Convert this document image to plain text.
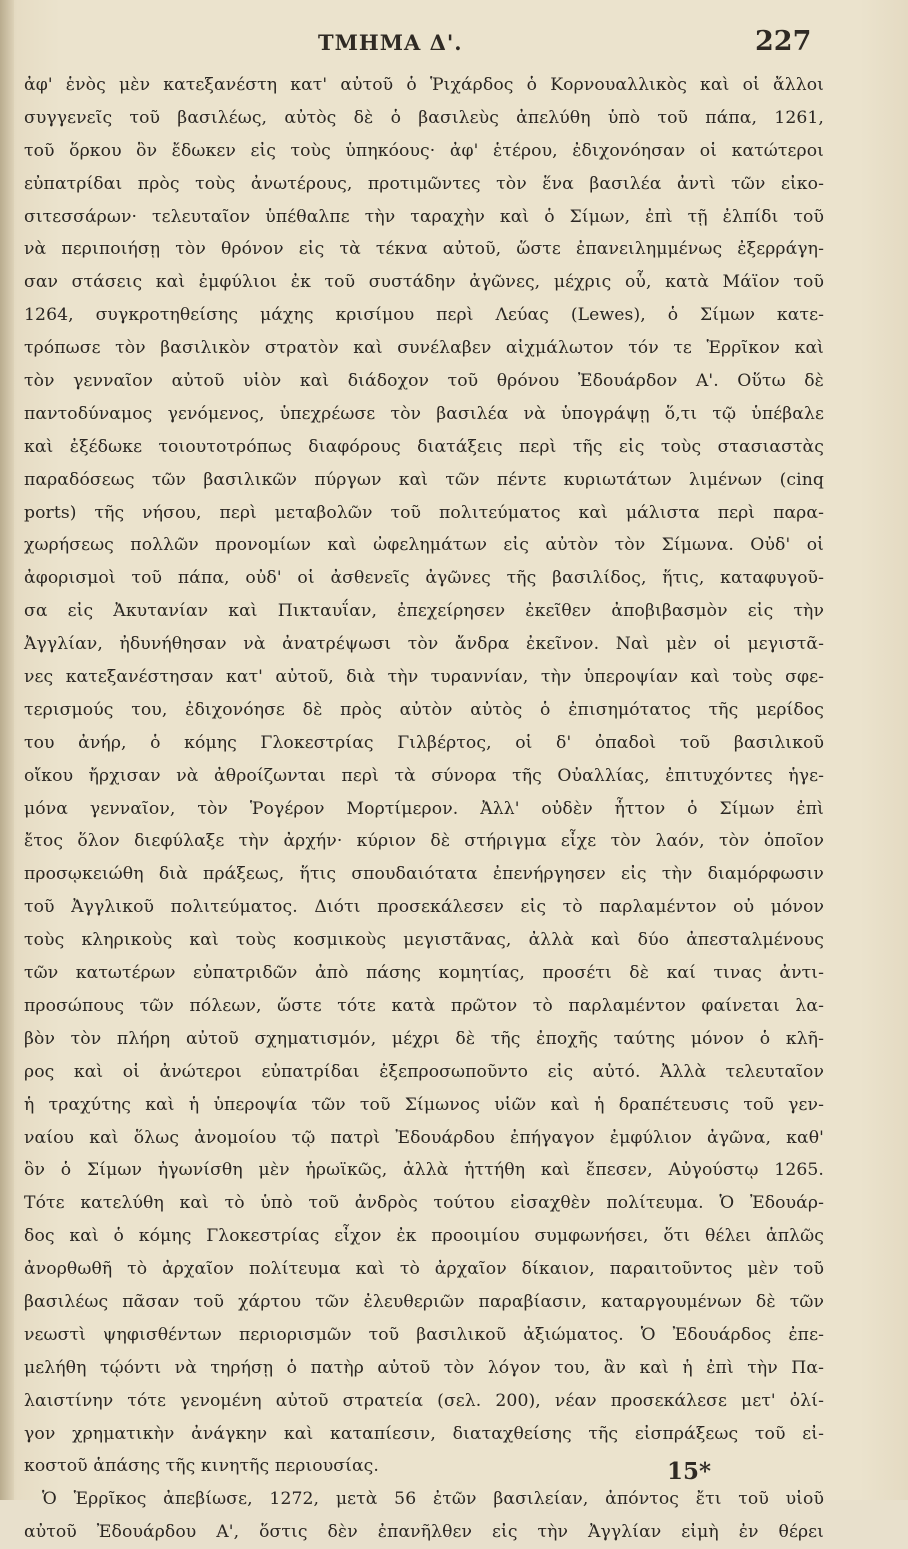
ΤΜΗΜΑ Δ'.	227
ἀφ' ἑνὸς μὲν κατεξανέστη κατ' αὐτοῦ ὁ Ῥιχάρδος ὁ Κορνουαλλικὸς καὶ οἱ ἄλλοι
συγγενεῖς τοῦ βασιλέως, αὐτὸς δὲ ὁ βασιλεὺς ἀπελύθη ὑπὸ τοῦ πάπα, 1261,
τοῦ ὅρκου ὃν ἔδωκεν εἰς τοὺς ὑπηκόους· ἀφ' ἑτέρου, ἐδιχονόησαν οἱ κατώτεροι
εὐπατρίδαι πρὸς τοὺς ἀνωτέρους, προτιμῶντες τὸν ἕνα βασιλέα ἀντὶ τῶν εἰκο-
σιτεσσάρων· τελευταῖον ὑπέθαλπε τὴν ταραχὴν καὶ ὁ Σίμων, ἐπὶ τῇ ἐλπίδι τοῦ
νὰ περιποιήσῃ τὸν θρόνον εἰς τὰ τέκνα αὐτοῦ, ὥστε ἐπανειλημμένως ἐξερράγη-
σαν στάσεις καὶ ἐμφύλιοι ἐκ τοῦ συστάδην ἀγῶνες, μέχρις οὗ, κατὰ Μάϊον τοῦ
1264, συγκροτηθείσης μάχης κρισίμου περὶ Λεύας (Lewes), ὁ Σίμων κατε-
τρόπωσε τὸν βασιλικὸν στρατὸν καὶ συνέλαβεν αἰχμάλωτον τόν τε Ἑρρῖκον καὶ
τὸν γενναῖον αὐτοῦ υἱὸν καὶ διάδοχον τοῦ θρόνου Ἐδουάρδον Α'. Οὕτω δὲ
παντοδύναμος γενόμενος, ὑπεχρέωσε τὸν βασιλέα νὰ ὑπογράψῃ ὅ,τι τῷ ὑπέβαλε
καὶ ἐξέδωκε τοιουτοτρόπως διαφόρους διατάξεις περὶ τῆς εἰς τοὺς στασιαστὰς
παραδόσεως τῶν βασιλικῶν πύργων καὶ τῶν πέντε κυριωτάτων λιμένων (cinq
ports) τῆς νήσου, περὶ μεταβολῶν τοῦ πολιτεύματος καὶ μάλιστα περὶ παρα-
χωρήσεως πολλῶν προνομίων καὶ ὠφελημάτων εἰς αὐτὸν τὸν Σίμωνα. Οὐδ' οἱ
ἀφορισμοὶ τοῦ πάπα, οὐδ' οἱ ἀσθενεῖς ἀγῶνες τῆς βασιλίδος, ἥτις, καταφυγοῦ-
σα εἰς Ἀκυτανίαν καὶ Πικταυΐαν, ἐπεχείρησεν ἐκεῖθεν ἀποβιβασμὸν εἰς τὴν
Ἀγγλίαν, ἠδυνήθησαν νὰ ἀνατρέψωσι τὸν ἄνδρα ἐκεῖνον. Ναὶ μὲν οἱ μεγιστᾶ-
νες κατεξανέστησαν κατ' αὐτοῦ, διὰ τὴν τυραννίαν, τὴν ὑπεροψίαν καὶ τοὺς σφε-
τερισμούς του, ἐδιχονόησε δὲ πρὸς αὐτὸν αὐτὸς ὁ ἐπισημότατος τῆς μερίδος
του ἀνήρ, ὁ κόμης Γλοκεστρίας Γιλβέρτος, οἱ δ' ὀπαδοὶ τοῦ βασιλικοῦ
οἴκου ἤρχισαν νὰ ἀθροίζωνται περὶ τὰ σύνορα τῆς Οὐαλλίας, ἐπιτυχόντες ἡγε-
μόνα γενναῖον, τὸν Ῥογέρον Μορτίμερον. Ἀλλ' οὐδὲν ἧττον ὁ Σίμων ἐπὶ
ἔτος ὅλον διεφύλαξε τὴν ἀρχήν· κύριον δὲ στήριγμα εἶχε τὸν λαόν, τὸν ὁποῖον
προσῳκειώθη διὰ πράξεως, ἥτις σπουδαιότατα ἐπενήργησεν εἰς τὴν διαμόρφωσιν
τοῦ Ἀγγλικοῦ πολιτεύματος. Διότι προσεκάλεσεν εἰς τὸ παρλαμέντον οὐ μόνον
τοὺς κληρικοὺς καὶ τοὺς κοσμικοὺς μεγιστᾶνας, ἀλλὰ καὶ δύο ἀπεσταλμένους
τῶν κατωτέρων εὐπατριδῶν ἀπὸ πάσης κομητίας, προσέτι δὲ καί τινας ἀντι-
προσώπους τῶν πόλεων, ὥστε τότε κατὰ πρῶτον τὸ παρλαμέντον φαίνεται λα-
βὸν τὸν πλήρη αὐτοῦ σχηματισμόν, μέχρι δὲ τῆς ἐποχῆς ταύτης μόνον ὁ κλῆ-
ρος καὶ οἱ ἀνώτεροι εὐπατρίδαι ἐξεπροσωποῦντο εἰς αὐτό. Ἀλλὰ τελευταῖον
ἡ τραχύτης καὶ ἡ ὑπεροψία τῶν τοῦ Σίμωνος υἱῶν καὶ ἡ δραπέτευσις τοῦ γεν-
ναίου καὶ ὅλως ἀνομοίου τῷ πατρὶ Ἐδουάρδου ἐπήγαγον ἐμφύλιον ἀγῶνα, καθ'
ὃν ὁ Σίμων ἠγωνίσθη μὲν ἡρωϊκῶς, ἀλλὰ ἡττήθη καὶ ἔπεσεν, Αὐγούστῳ 1265.
Τότε κατελύθη καὶ τὸ ὑπὸ τοῦ ἀνδρὸς τούτου εἰσαχθὲν πολίτευμα. Ὁ Ἐδουάρ-
δος καὶ ὁ κόμης Γλοκεστρίας εἶχον ἐκ προοιμίου συμφωνήσει, ὅτι θέλει ἁπλῶς
ἀνορθωθῆ τὸ ἀρχαῖον πολίτευμα καὶ τὸ ἀρχαῖον δίκαιον, παραιτοῦντος μὲν τοῦ
βασιλέως πᾶσαν τοῦ χάρτου τῶν ἐλευθεριῶν παραβίασιν, καταργουμένων δὲ τῶν
νεωστὶ ψηφισθέντων περιορισμῶν τοῦ βασιλικοῦ ἀξιώματος. Ὁ Ἐδουάρδος ἐπε-
μελήθη τῴόντι νὰ τηρήσῃ ὁ πατὴρ αὐτοῦ τὸν λόγον του, ἂν καὶ ἡ ἐπὶ τὴν Πα-
λαιστίνην τότε γενομένη αὐτοῦ στρατεία (σελ. 200), νέαν προσεκάλεσε μετ' ὀλί-
γον χρηματικὴν ἀνάγκην καὶ καταπίεσιν, διαταχθείσης τῆς εἰσπράξεως τοῦ εἰ-
κοστοῦ ἁπάσης τῆς κινητῆς περιουσίας.
Ὁ Ἑρρῖκος ἀπεβίωσε, 1272, μετὰ 56 ἐτῶν βασιλείαν, ἀπόντος ἔτι τοῦ υἱοῦ
αὐτοῦ Ἐδουάρδου Α', ὅστις δὲν ἐπανῆλθεν εἰς τὴν Ἀγγλίαν εἰμὴ ἐν θέρει
15*
